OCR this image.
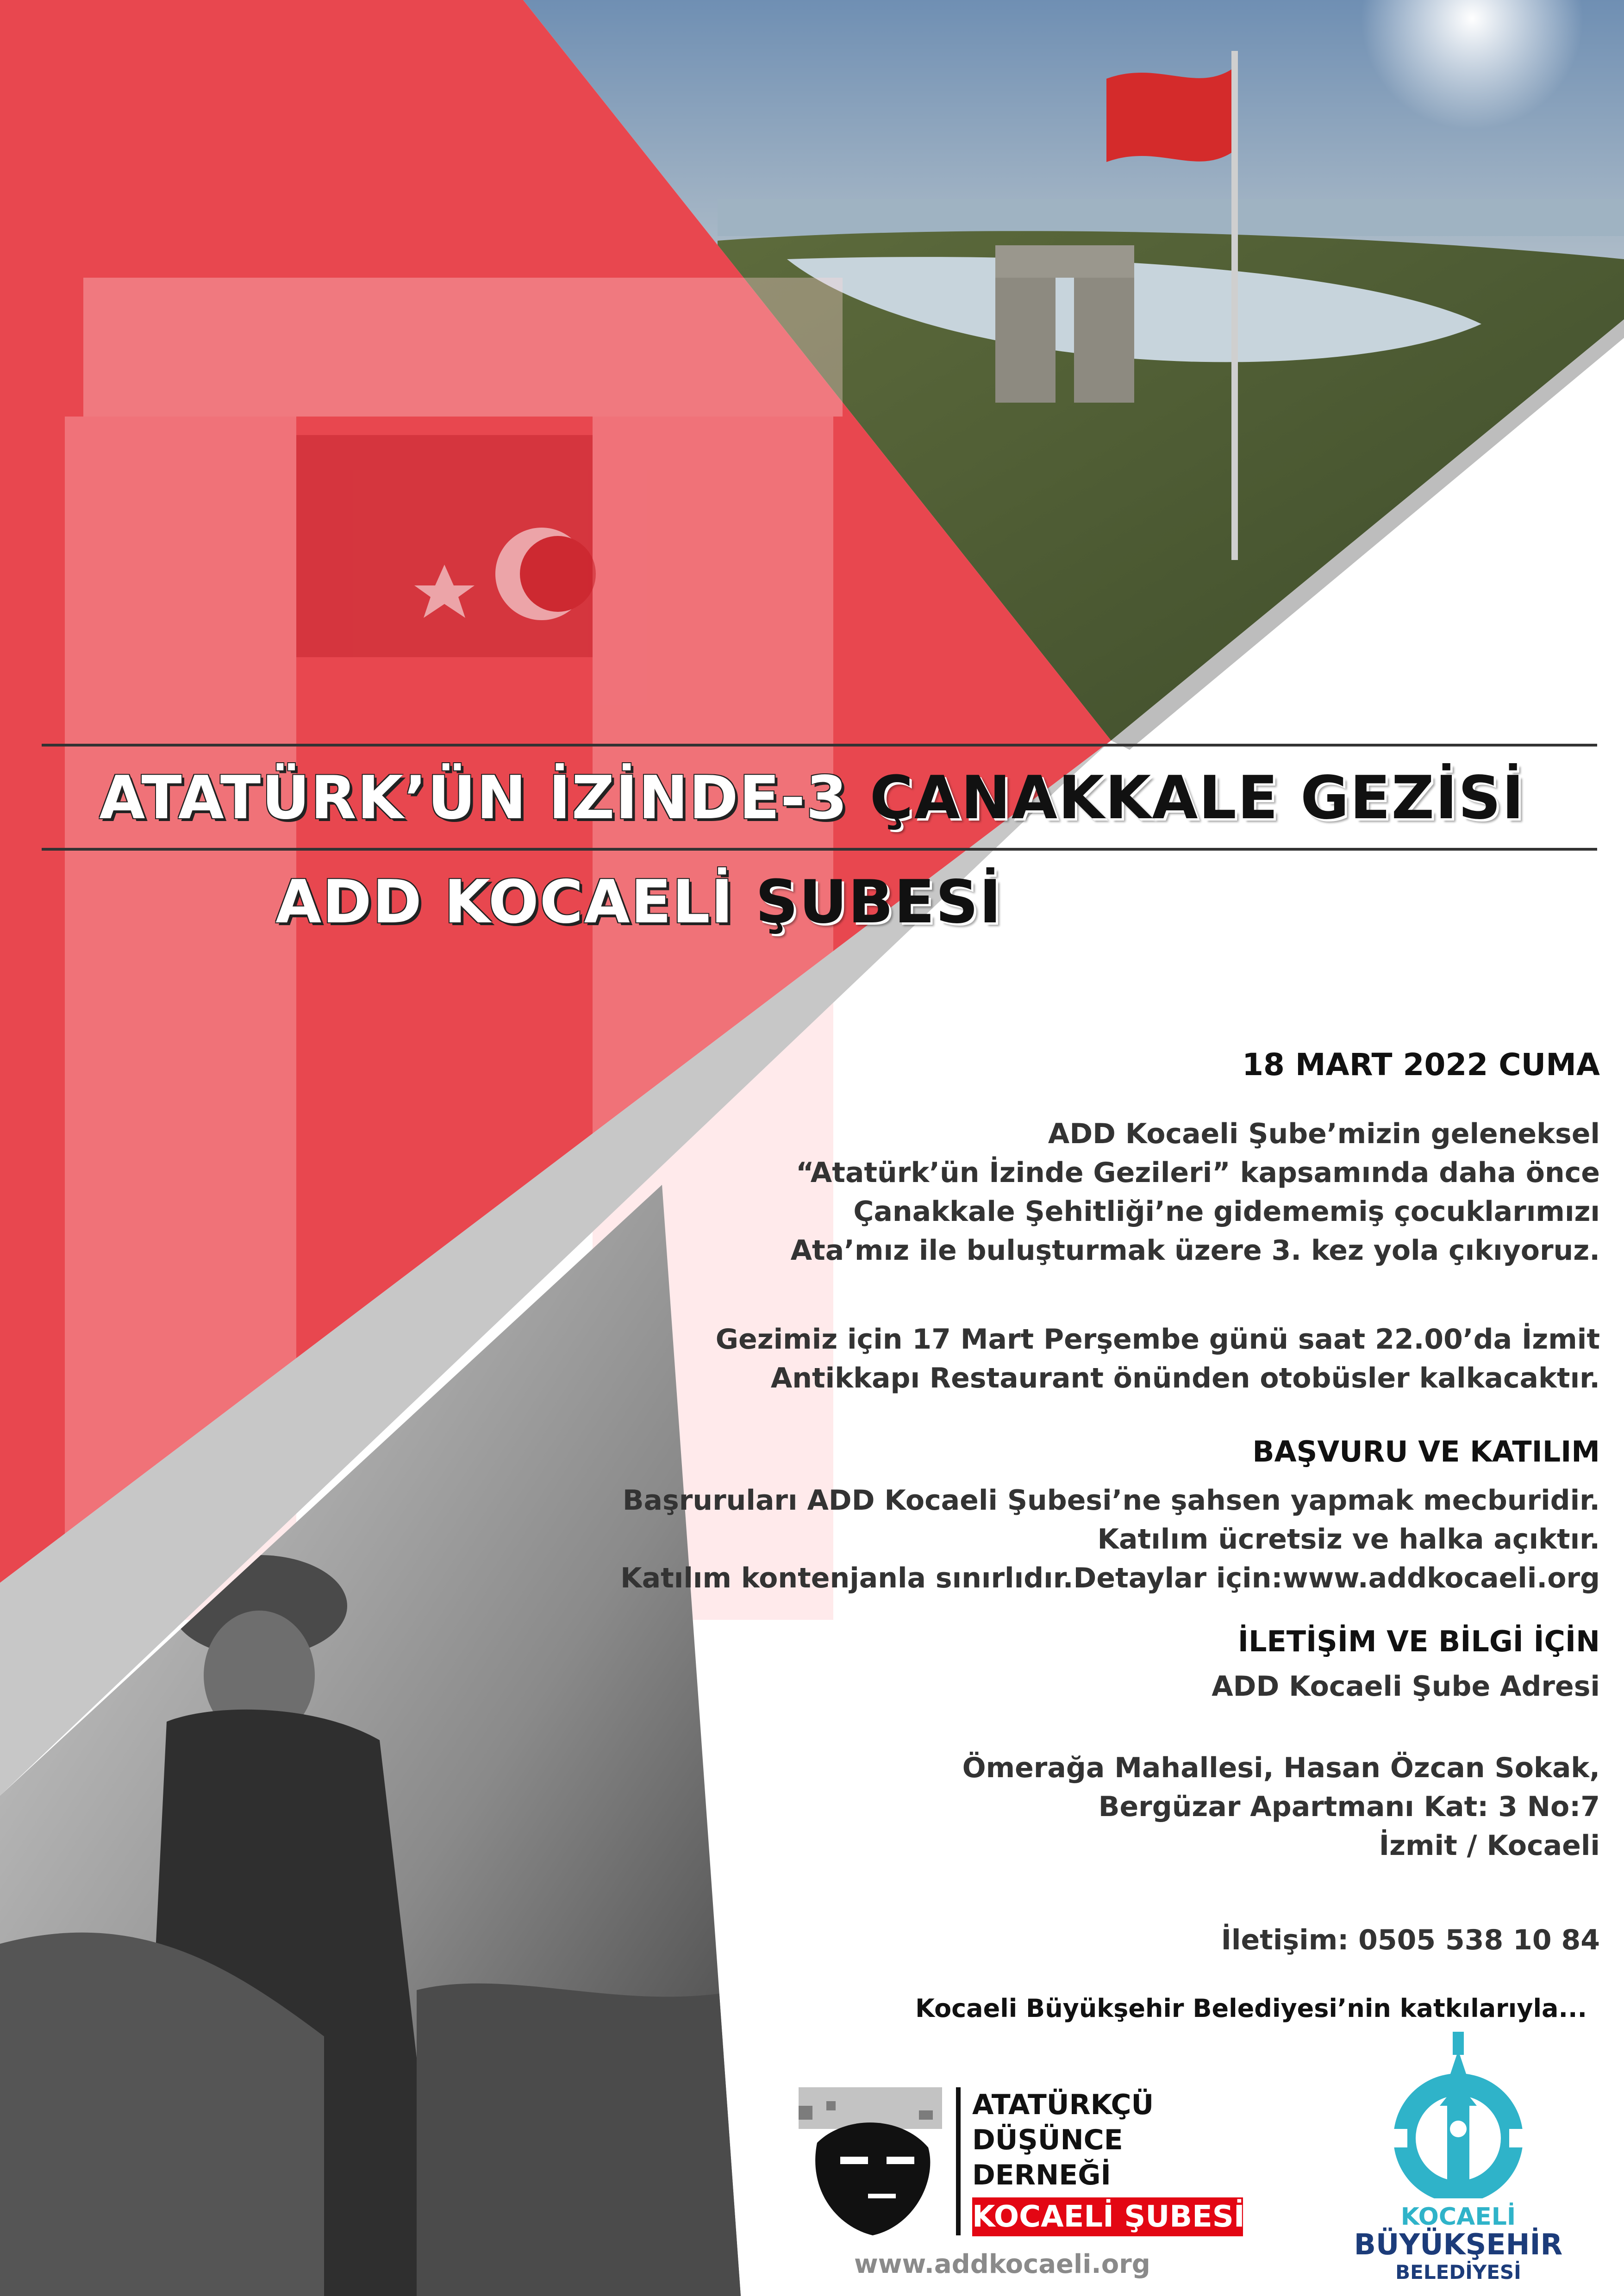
ATATÜRK’ÜN İZİNDE-3 ÇANAKKALE GEZİSİ
ADD KOCAELİ ŞUBESİ
18 MART 2022 CUMA
ADD Kocaeli Şube’mizin geleneksel
“Atatürk’ün İzinde Gezileri” kapsamında daha önce
Çanakkale Şehitliği’ne gidememiş çocuklarımızı
Ata’mız ile buluşturmak üzere 3. kez yola çıkıyoruz.
Gezimiz için 17 Mart Perşembe günü saat 22.00’da İzmit
Antikkapı Restaurant önünden otobüsler kalkacaktır.
BAŞVURU VE KATILIM
Başruruları ADD Kocaeli Şubesi’ne şahsen yapmak mecburidir.
Katılım ücretsiz ve halka açıktır.
Katılım kontenjanla sınırlıdır.Detaylar için:www.addkocaeli.org
İLETİŞİM VE BİLGİ İÇİN
ADD Kocaeli Şube Adresi
Ömerağa Mahallesi, Hasan Özcan Sokak,
Bergüzar Apartmanı Kat: 3 No:7
İzmit / Kocaeli
İletişim: 0505 538 10 84
Kocaeli Büyükşehir Belediyesi’nin katkılarıyla...
ATATÜRKÇÜ
DÜŞÜNCE
DERNEĞİ
KOCAELİ ŞUBESİ
www.addkocaeli.org
KOCAELİ
BÜYÜKŞEHİR
BELEDİYESİ
